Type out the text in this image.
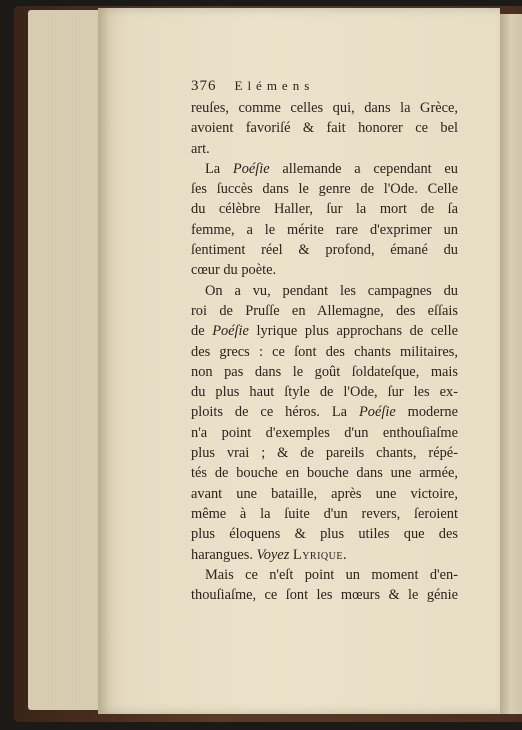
376 Elémens
reuſes, comme celles qui, dans la Grèce,
avoient favoriſé & fait honorer ce bel
art.
La Poéſie allemande a cependant eu
ſes ſuccès dans le genre de l'Ode. Celle
du célèbre Haller, ſur la mort de ſa
femme, a le mérite rare d'exprimer un
ſentiment réel & profond, émané du
cœur du poète.
On a vu, pendant les campagnes du
roi de Pruſſe en Allemagne, des eſſais
de Poéſie lyrique plus approchans de celle
des grecs : ce ſont des chants militaires,
non pas dans le goût ſoldateſque, mais
du plus haut ſtyle de l'Ode, ſur les ex-
ploits de ce héros. La Poéſie moderne
n'a point d'exemples d'un enthouſiaſme
plus vrai ; & de pareils chants, répé-
tés de bouche en bouche dans une armée,
avant une bataille, après une victoire,
même à la ſuite d'un revers, ſeroient
plus éloquens & plus utiles que des
harangues. Voyez Lyrique.
Mais ce n'eſt point un moment d'en-
thouſiaſme, ce ſont les mœurs & le génie
